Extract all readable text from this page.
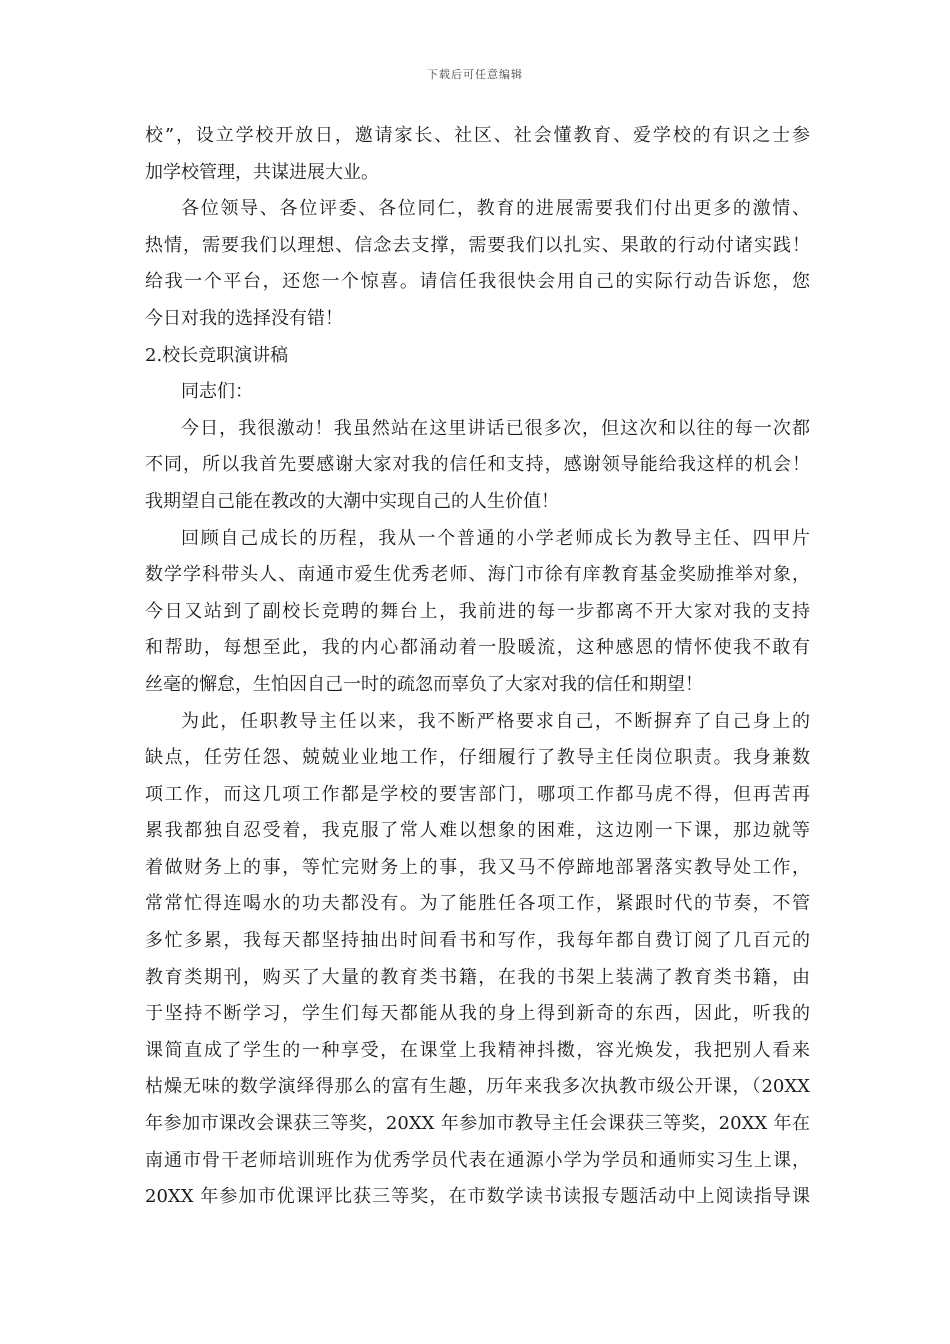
下载后可任意编辑
校”，设立学校开放日，邀请家长、社区、社会懂教育、爱学校的有识之士参
加学校管理，共谋进展大业。
各位领导、各位评委、各位同仁，教育的进展需要我们付出更多的激情、
热情，需要我们以理想、信念去支撑，需要我们以扎实、果敢的行动付诸实践！
给我一个平台，还您一个惊喜。请信任我很快会用自己的实际行动告诉您，您
今日对我的选择没有错！
2.校长竞职演讲稿
同志们：
今日，我很激动！我虽然站在这里讲话已很多次，但这次和以往的每一次都
不同，所以我首先要感谢大家对我的信任和支持，感谢领导能给我这样的机会！
我期望自己能在教改的大潮中实现自己的人生价值！
回顾自己成长的历程，我从一个普通的小学老师成长为教导主任、四甲片
数学学科带头人、南通市爱生优秀老师、海门市徐有庠教育基金奖励推举对象，
今日又站到了副校长竞聘的舞台上，我前进的每一步都离不开大家对我的支持
和帮助，每想至此，我的内心都涌动着一股暖流，这种感恩的情怀使我不敢有
丝毫的懈怠，生怕因自己一时的疏忽而辜负了大家对我的信任和期望！
为此，任职教导主任以来，我不断严格要求自己，不断摒弃了自己身上的
缺点，任劳任怨、兢兢业业地工作，仔细履行了教导主任岗位职责。我身兼数
项工作，而这几项工作都是学校的要害部门，哪项工作都马虎不得，但再苦再
累我都独自忍受着，我克服了常人难以想象的困难，这边刚一下课，那边就等
着做财务上的事，等忙完财务上的事，我又马不停蹄地部署落实教导处工作，
常常忙得连喝水的功夫都没有。为了能胜任各项工作，紧跟时代的节奏，不管
多忙多累，我每天都坚持抽出时间看书和写作，我每年都自费订阅了几百元的
教育类期刊，购买了大量的教育类书籍，在我的书架上装满了教育类书籍，由
于坚持不断学习，学生们每天都能从我的身上得到新奇的东西，因此，听我的
课简直成了学生的一种享受，在课堂上我精神抖擞，容光焕发，我把别人看来
枯燥无味的数学演绎得那么的富有生趣，历年来我多次执教市级公开课，（20XX
年参加市课改会课获三等奖，20XX 年参加市教导主任会课获三等奖，20XX 年在
南通市骨干老师培训班作为优秀学员代表在通源小学为学员和通师实习生上课，
20XX 年参加市优课评比获三等奖，在市数学读书读报专题活动中上阅读指导课
